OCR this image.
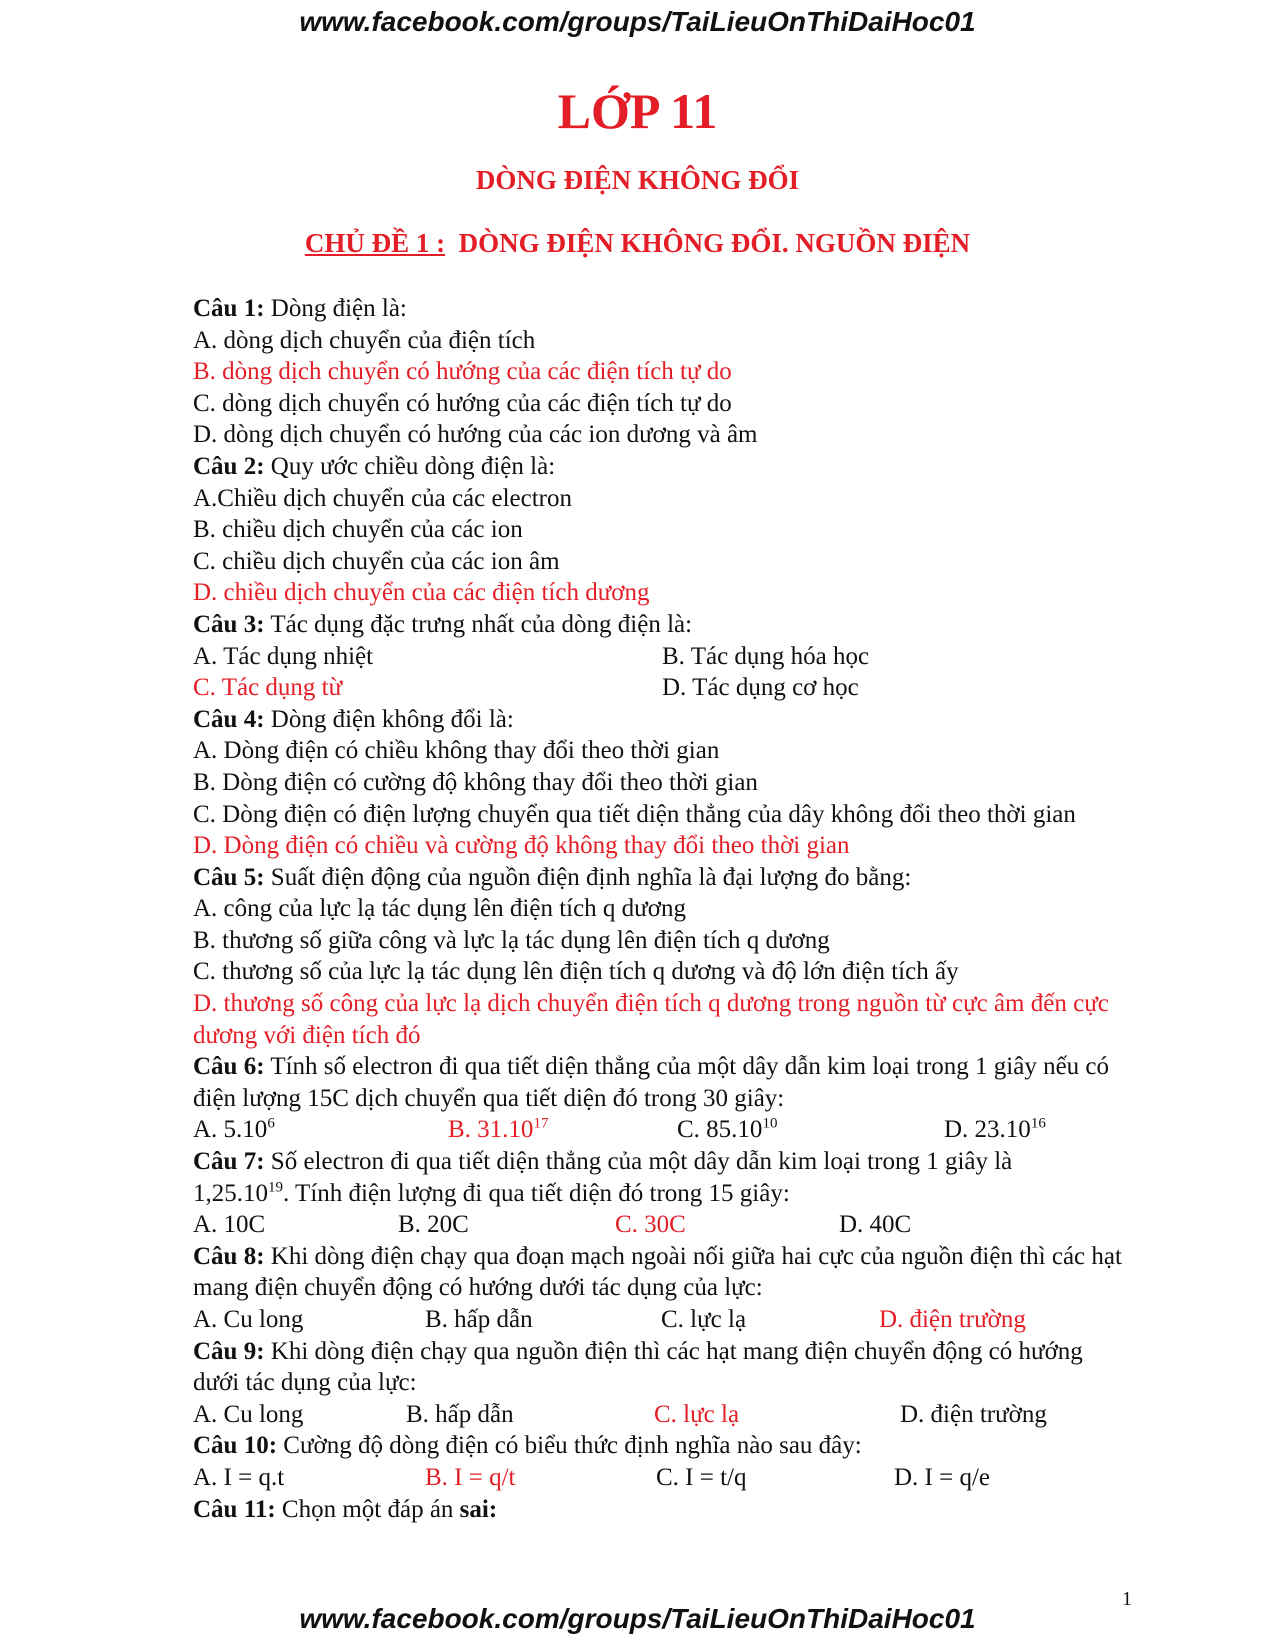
www.facebook.com/groups/TaiLieuOnThiDaiHoc01
LỚP 11
DÒNG ĐIỆN KHÔNG ĐỔI
CHỦ ĐỀ 1 : DÒNG ĐIỆN KHÔNG ĐỔI. NGUỒN ĐIỆN
Câu 1: Dòng điện là:
A. dòng dịch chuyển của điện tích
B. dòng dịch chuyển có hướng của các điện tích tự do
C. dòng dịch chuyển có hướng của các điện tích tự do
D. dòng dịch chuyển có hướng của các ion dương và âm
Câu 2: Quy ước chiều dòng điện là:
A.Chiều dịch chuyển của các electron
B. chiều dịch chuyển của các ion
C. chiều dịch chuyển của các ion âm
D. chiều dịch chuyển của các điện tích dương
Câu 3: Tác dụng đặc trưng nhất của dòng điện là:
A. Tác dụng nhiệt	B. Tác dụng hóa học
C. Tác dụng từ	D. Tác dụng cơ học
Câu 4: Dòng điện không đổi là:
A. Dòng điện có chiều không thay đổi theo thời gian
B. Dòng điện có cường độ không thay đổi theo thời gian
C. Dòng điện có điện lượng chuyển qua tiết diện thẳng của dây không đổi theo thời gian
D. Dòng điện có chiều và cường độ không thay đổi theo thời gian
Câu 5: Suất điện động của nguồn điện định nghĩa là đại lượng đo bằng:
A. công của lực lạ tác dụng lên điện tích q dương
B. thương số giữa công và lực lạ tác dụng lên điện tích q dương
C. thương số của lực lạ tác dụng lên điện tích q dương và độ lớn điện tích ấy
D. thương số công của lực lạ dịch chuyển điện tích q dương trong nguồn từ cực âm đến cực dương với điện tích đó
Câu 6: Tính số electron đi qua tiết diện thẳng của một dây dẫn kim loại trong 1 giây nếu có điện lượng 15C dịch chuyển qua tiết diện đó trong 30 giây:
A. 5.10$^6$	B. 31.10$^{17}$	C. 85.10$^{10}$	D. 23.10$^{16}$
Câu 7: Số electron đi qua tiết diện thẳng của một dây dẫn kim loại trong 1 giây là
1,25.10$^{19}$. Tính điện lượng đi qua tiết diện đó trong 15 giây:
A. 10C	B. 20C	C. 30C	D. 40C
Câu 8: Khi dòng điện chạy qua đoạn mạch ngoài nối giữa hai cực của nguồn điện thì các hạt mang điện chuyển động có hướng dưới tác dụng của lực:
A. Cu long	B. hấp dẫn	C. lực lạ	D. điện trường
Câu 9: Khi dòng điện chạy qua nguồn điện thì các hạt mang điện chuyển động có hướng dưới tác dụng của lực:
A. Cu long	B. hấp dẫn	C. lực lạ	D. điện trường
Câu 10: Cường độ dòng điện có biểu thức định nghĩa nào sau đây:
A. I = q.t	B. I = q/t	C. I = t/q	D. I = q/e
Câu 11: Chọn một đáp án sai:
1
www.facebook.com/groups/TaiLieuOnThiDaiHoc01
